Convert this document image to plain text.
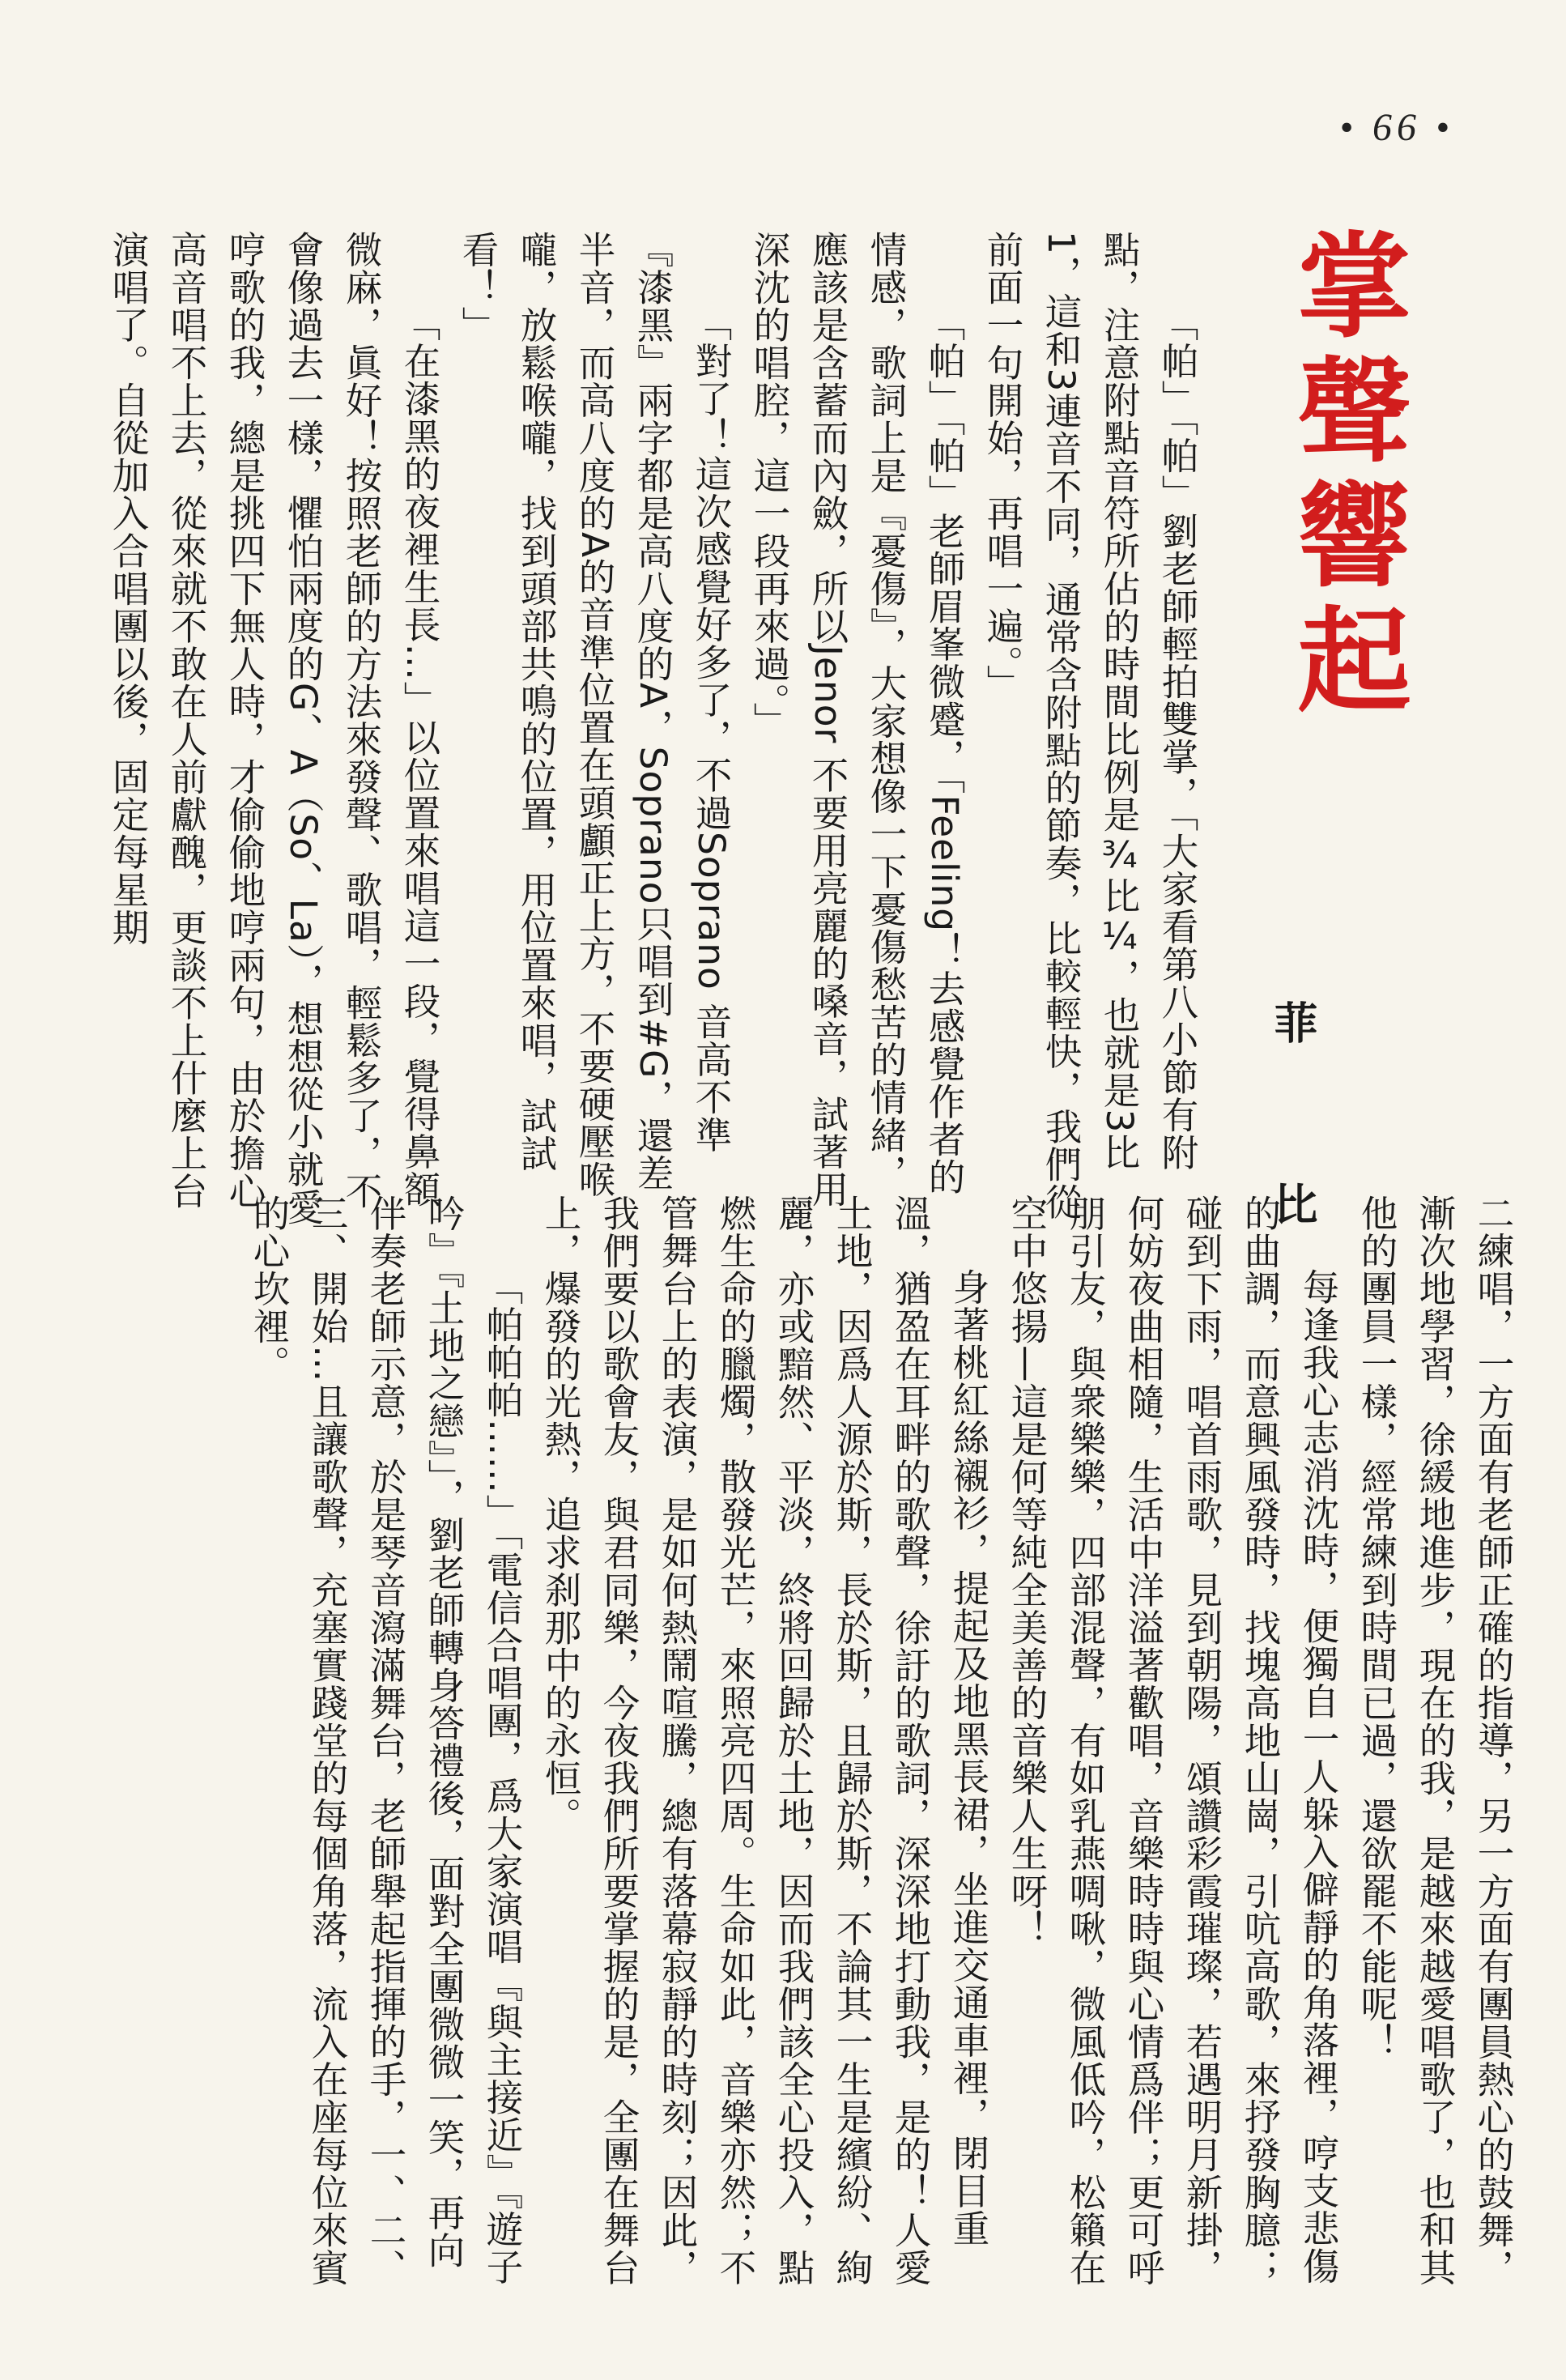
• 66 •
掌聲響起
菲　比

「帕」「帕」劉老師輕拍雙掌，「大家看第八小節有附點，注意附點音符所佔的時間比例是¾比¼，也就是3比1，這和3連音不同，通常含附點的節奏，比較輕快，我們從前面一句開始，再唱一遍。」

「帕」「帕」老師眉峯微蹙，「Feeling！去感覺作者的情感，歌詞上是『憂傷』，大家想像一下憂傷愁苦的情緒，應該是含蓄而內斂，所以Jenor 不要用亮麗的嗓音，試著用深沈的唱腔，這一段再來過。」

「對了！這次感覺好多了，不過Soprano 音高不準『漆黑』兩字都是高八度的A，Soprano只唱到#G，還差半音，而高八度的A的音準位置在頭顱正上方，不要硬壓喉嚨，放鬆喉嚨，找到頭部共鳴的位置，用位置來唱，試試看！」

「在漆黑的夜裡生長…」以位置來唱這一段，覺得鼻額微麻，眞好！按照老師的方法來發聲、歌唱，輕鬆多了，不會像過去一樣，懼怕兩度的G、A（So、La），想想從小就愛哼歌的我，總是挑四下無人時，才偷偷地哼兩句，由於擔心高音唱不上去，從來就不敢在人前獻醜，更談不上什麼上台演唱了。自從加入合唱團以後，固定每星期

二練唱，一方面有老師正確的指導，另一方面有團員熱心的鼓舞，漸次地學習，徐緩地進步，現在的我，是越來越愛唱歌了，也和其他的團員一樣，經常練到時間已過，還欲罷不能呢！

每逢我心志消沈時，便獨自一人躲入僻靜的角落裡，哼支悲傷的曲調，而意興風發時，找塊高地山崗，引吭高歌，來抒發胸臆；碰到下雨，唱首雨歌，見到朝陽，頌讚彩霞璀璨，若遇明月新掛，何妨夜曲相隨，生活中洋溢著歡唱，音樂時時與心情爲伴；更可呼朋引友，與衆樂樂，四部混聲，有如乳燕啁啾，微風低吟，松籟在空中悠揚—這是何等純全美善的音樂人生呀！

身著桃紅絲襯衫，提起及地黑長裙，坐進交通車裡，閉目重溫，猶盈在耳畔的歌聲，徐訏的歌詞，深深地打動我，是的！人愛土地，因爲人源於斯，長於斯，且歸於斯，不論其一生是繽紛、絢麗，亦或黯然、平淡，終將回歸於土地，因而我們該全心投入，點燃生命的臘燭，散發光芒，來照亮四周。生命如此，音樂亦然；不管舞台上的表演，是如何熱鬧喧騰，總有落幕寂靜的時刻；因此，我們要以歌會友，與君同樂，今夜我們所要掌握的是，全團在舞台上，爆發的光熱，追求刹那中的永恒。

「帕帕帕……」「電信合唱團，爲大家演唱『與主接近』『遊子吟』『土地之戀』」，劉老師轉身答禮後，面對全團微微一笑，再向伴奏老師示意，於是琴音瀉滿舞台，老師舉起指揮的手，一、二、三、開始…且讓歌聲，充塞實踐堂的每個角落，流入在座每位來賓的心坎裡。
